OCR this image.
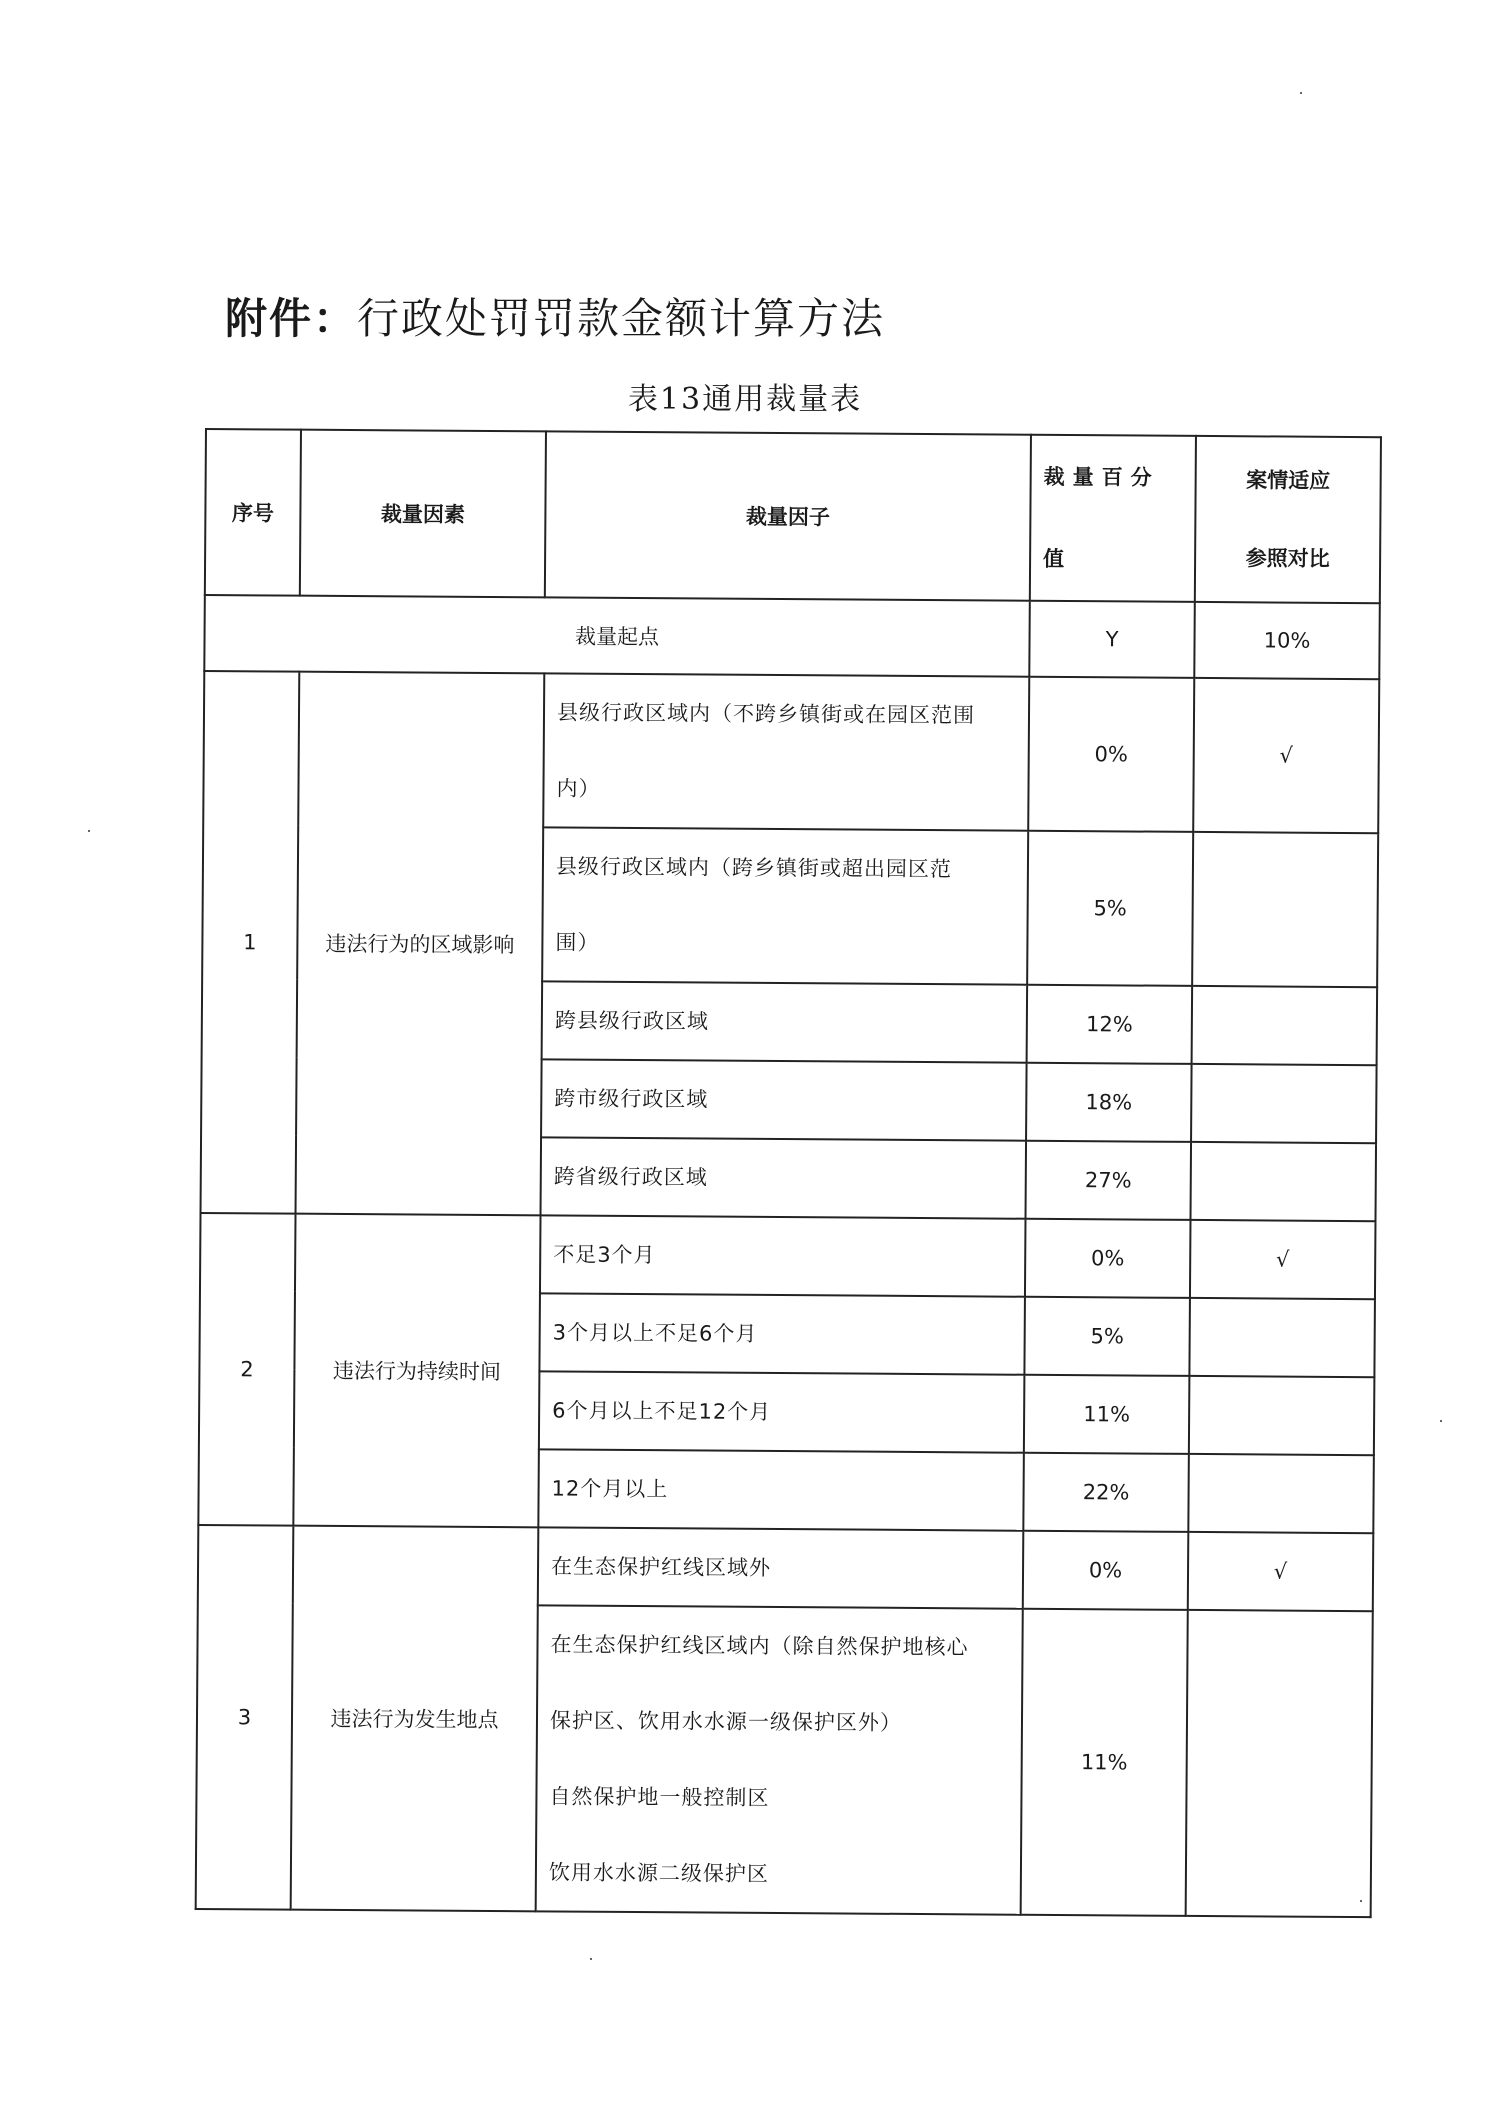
附件：行政处罚罚款金额计算方法
表13通用裁量表
序号	裁量因素	裁量因子	裁量百分
值	案情适应
参照对比
裁量起点			Y	10%
1	违法行为的区域影响	县级行政区域内（不跨乡镇街或在园区范围
内）	0%	√
		县级行政区域内（跨乡镇街或超出园区范
围）	5%	
		跨县级行政区域	12%	
		跨市级行政区域	18%	
		跨省级行政区域	27%	
2	违法行为持续时间	不足3个月	0%	√
		3个月以上不足6个月	5%	
		6个月以上不足12个月	11%	
		12个月以上	22%	
3	违法行为发生地点	在生态保护红线区域外	0%	√
		在生态保护红线区域内（除自然保护地核心
保护区、饮用水水源一级保护区外）
自然保护地一般控制区
饮用水水源二级保护区	11%	
